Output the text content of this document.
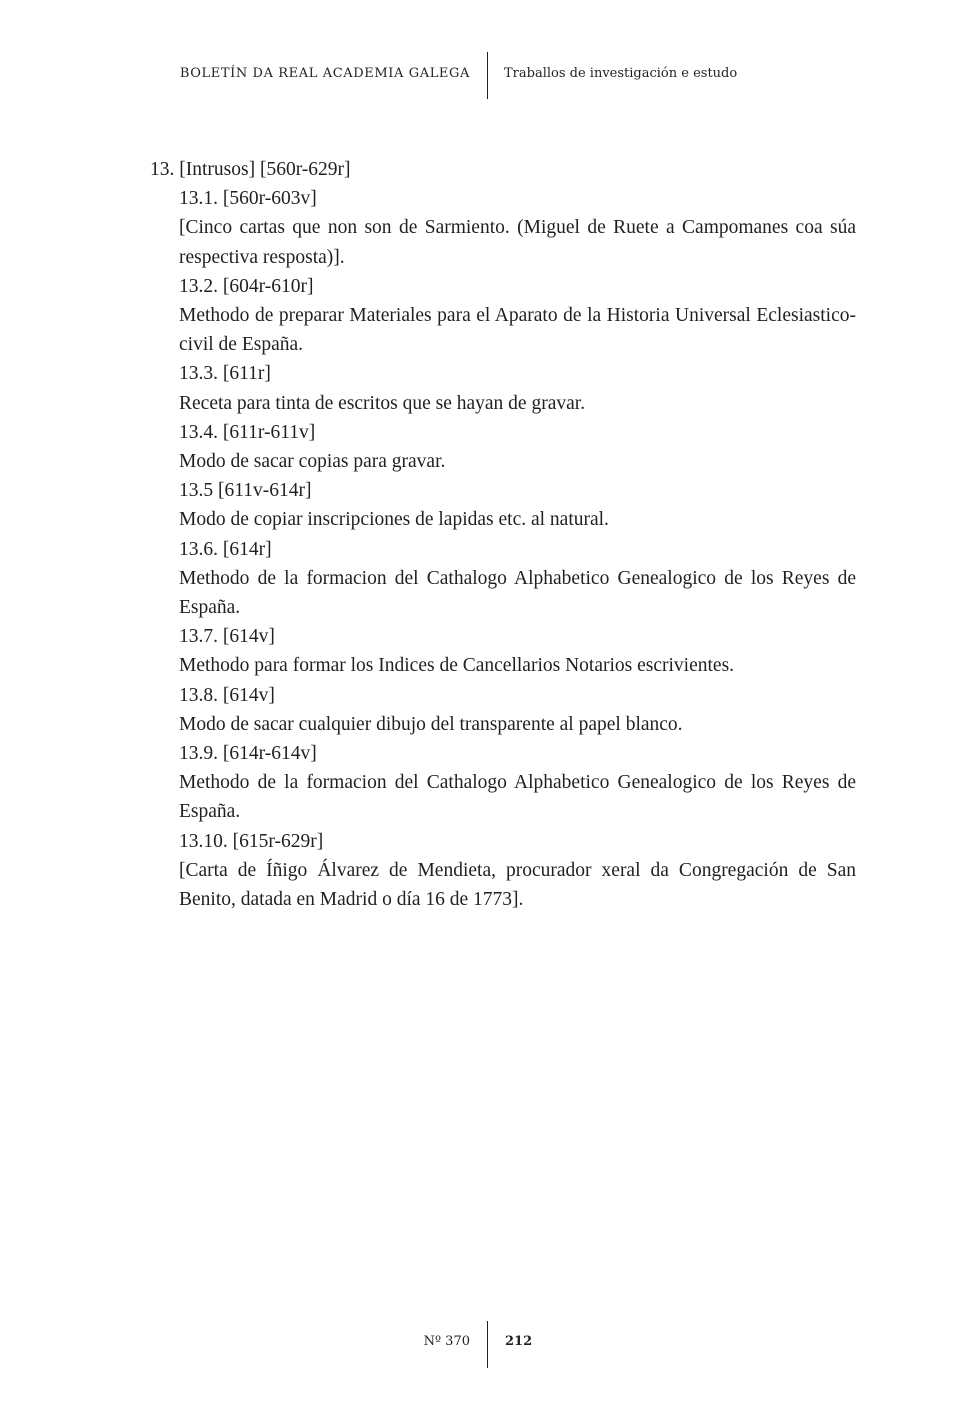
BOLETÍN DA REAL ACADEMIA GALEGA	Traballos de investigación e estudo

13. [Intrusos] [560r-629r]

13.1. [560r-603v]

[Cinco cartas que non son de Sarmiento. (Miguel de Ruete a Campomanes coa súa respectiva resposta)].

13.2. [604r-610r]

Methodo de preparar Materiales para el Aparato de la Historia Universal Eclesiastico-civil de España.

13.3. [611r]

Receta para tinta de escritos que se hayan de gravar.

13.4. [611r-611v]

Modo de sacar copias para gravar.

13.5 [611v-614r]

Modo de copiar inscripciones de lapidas etc. al natural.

13.6. [614r]

Methodo de la formacion del Cathalogo Alphabetico Genealogico de los Reyes de España.

13.7. [614v]

Methodo para formar los Indices de Cancellarios Notarios escrivientes.

13.8. [614v]

Modo de sacar cualquier dibujo del transparente al papel blanco.

13.9. [614r-614v]

Methodo de la formacion del Cathalogo Alphabetico Genealogico de los Reyes de España.

13.10. [615r-629r]

[Carta de Íñigo Álvarez de Mendieta, procurador xeral da Congregación de San Benito, datada en Madrid o día 16 de 1773].

Nº 370	212
